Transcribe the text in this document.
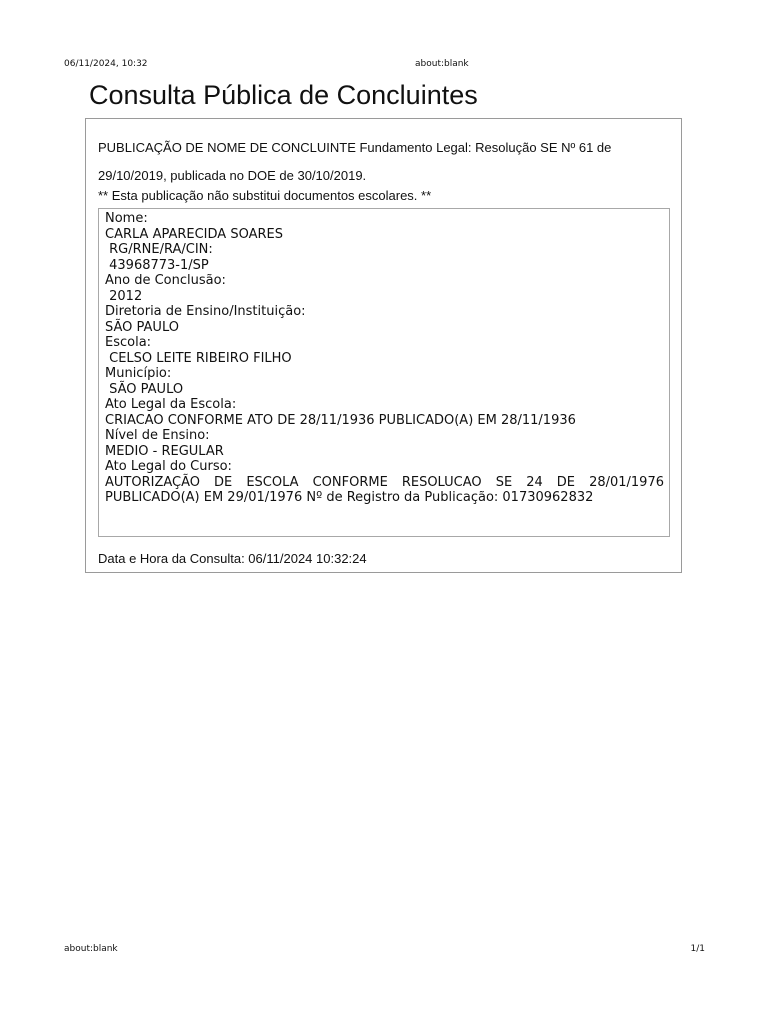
06/11/2024, 10:32	about:blank
Consulta Pública de Concluintes
PUBLICAÇÃO DE NOME DE CONCLUINTE Fundamento Legal: Resolução SE Nº 61 de 29/10/2019, publicada no DOE de 30/10/2019.
** Esta publicação não substitui documentos escolares. **
Nome:
CARLA APARECIDA SOARES
RG/RNE/RA/CIN:
43968773-1/SP
Ano de Conclusão:
2012
Diretoria de Ensino/Instituição:
SÃO PAULO
Escola:
CELSO LEITE RIBEIRO FILHO
Município:
SÃO PAULO
Ato Legal da Escola:
CRIACAO CONFORME ATO DE 28/11/1936 PUBLICADO(A) EM 28/11/1936
Nível de Ensino:
MEDIO - REGULAR
Ato Legal do Curso:
AUTORIZAÇÃO DE ESCOLA CONFORME RESOLUCAO SE 24 DE 28/01/1976 PUBLICADO(A) EM 29/01/1976 Nº de Registro da Publicação: 01730962832
Data e Hora da Consulta: 06/11/2024 10:32:24
about:blank	1/1
